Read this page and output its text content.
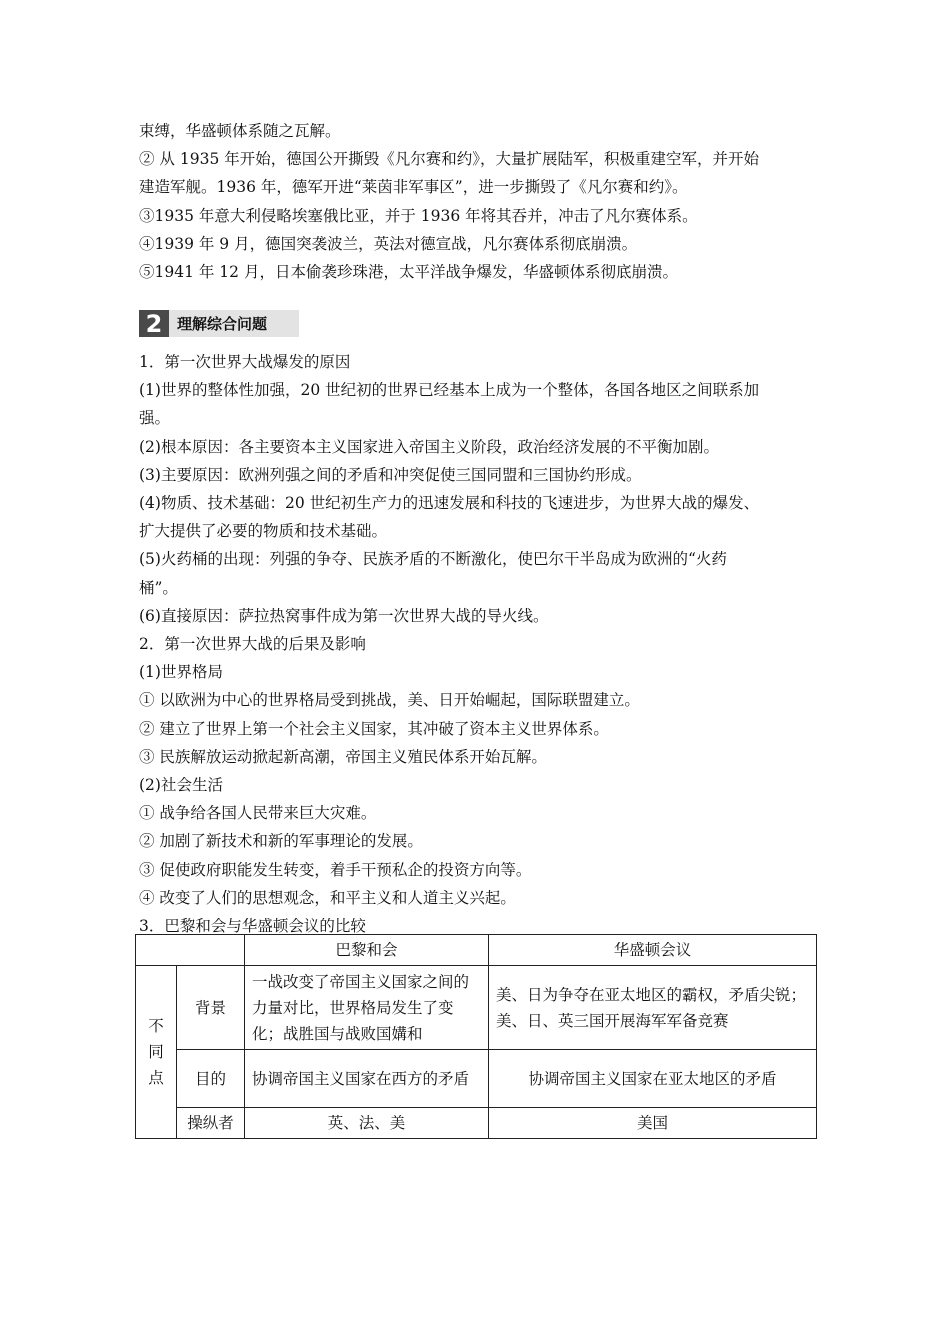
束缚，华盛顿体系随之瓦解。
② 从 1935 年开始，德国公开撕毁《凡尔赛和约》，大量扩展陆军，积极重建空军，并开始
建造军舰。1936 年，德军开进“莱茵非军事区”，进一步撕毁了《凡尔赛和约》。
③1935 年意大利侵略埃塞俄比亚，并于 1936 年将其吞并，冲击了凡尔赛体系。
④1939 年 9 月，德国突袭波兰，英法对德宣战，凡尔赛体系彻底崩溃。
⑤1941 年 12 月，日本偷袭珍珠港，太平洋战争爆发，华盛顿体系彻底崩溃。
2 理解综合问题
1．第一次世界大战爆发的原因
(1)世界的整体性加强，20 世纪初的世界已经基本上成为一个整体，各国各地区之间联系加
强。
(2)根本原因：各主要资本主义国家进入帝国主义阶段，政治经济发展的不平衡加剧。
(3)主要原因：欧洲列强之间的矛盾和冲突促使三国同盟和三国协约形成。
(4)物质、技术基础：20 世纪初生产力的迅速发展和科技的飞速进步，为世界大战的爆发、
扩大提供了必要的物质和技术基础。
(5)火药桶的出现：列强的争夺、民族矛盾的不断激化，使巴尔干半岛成为欧洲的“火药
桶”。
(6)直接原因：萨拉热窝事件成为第一次世界大战的导火线。
2．第一次世界大战的后果及影响
(1)世界格局
① 以欧洲为中心的世界格局受到挑战，美、日开始崛起，国际联盟建立。
② 建立了世界上第一个社会主义国家，其冲破了资本主义世界体系。
③ 民族解放运动掀起新高潮，帝国主义殖民体系开始瓦解。
(2)社会生活
① 战争给各国人民带来巨大灾难。
② 加剧了新技术和新的军事理论的发展。
③ 促使政府职能发生转变，着手干预私企的投资方向等。
④ 改变了人们的思想观念，和平主义和人道主义兴起。
3．巴黎和会与华盛顿会议的比较
		巴黎和会	华盛顿会议

不
同
点	背景	一战改变了帝国主义国家之间的力量对比，世界格局发生了变化；战胜国与战败国媾和	美、日为争夺在亚太地区的霸权，矛盾尖锐；美、日、英三国开展海军军备竞赛
	目的	协调帝国主义国家在西方的矛盾	协调帝国主义国家在亚太地区的矛盾
	操纵者	英、法、美	美国
